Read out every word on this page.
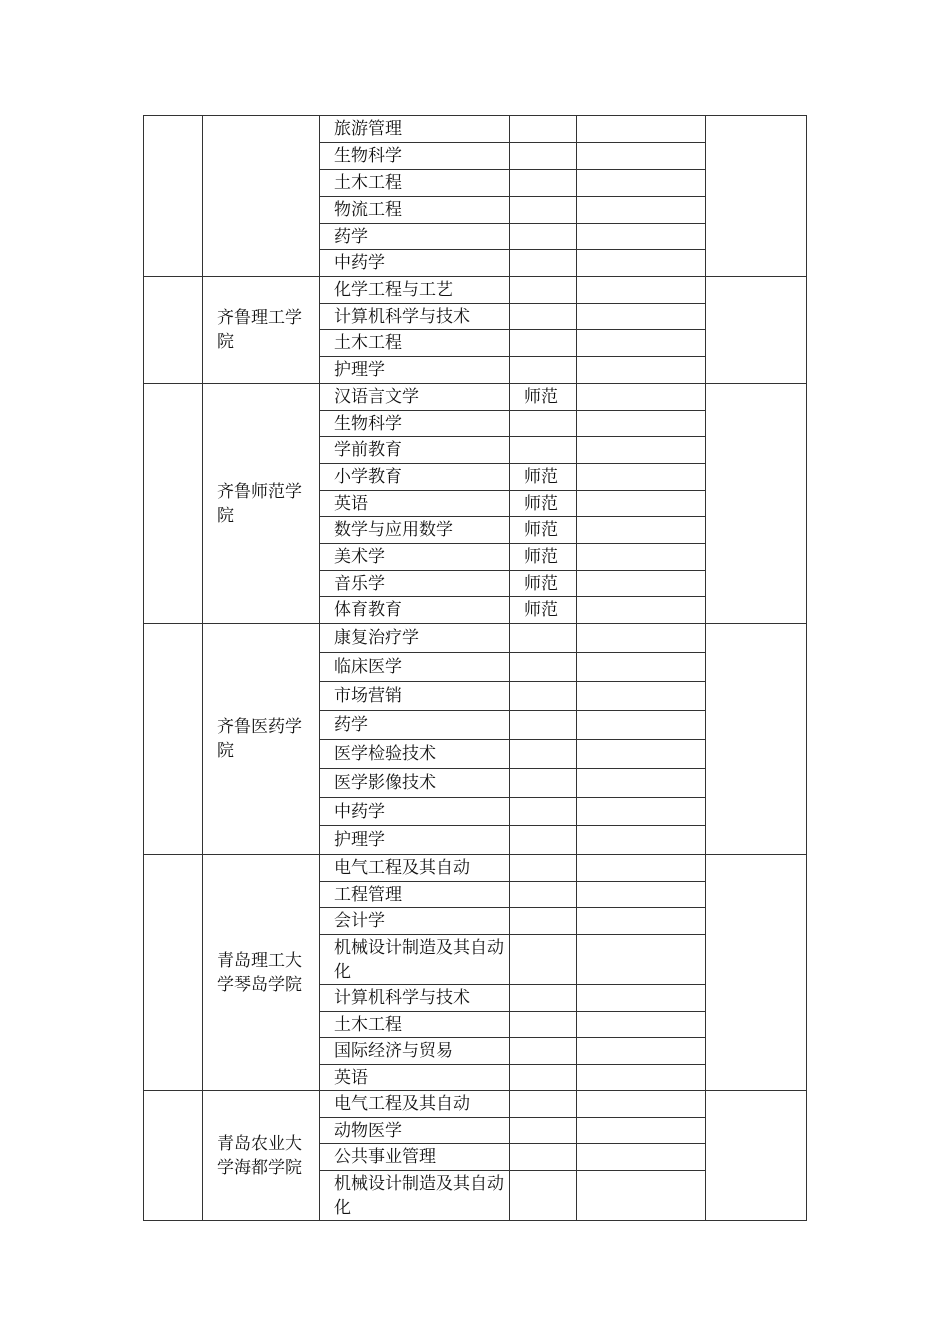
		旅游管理			
		生物科学			
		土木工程			
		物流工程			
		药学			
		中药学			
	齐鲁理工学院	化学工程与工艺			
		计算机科学与技术			
		土木工程			
		护理学			
	齐鲁师范学院	汉语言文学	师范		
		生物科学			
		学前教育			
		小学教育	师范		
		英语	师范		
		数学与应用数学	师范		
		美术学	师范		
		音乐学	师范		
		体育教育	师范		
	齐鲁医药学院	康复治疗学			
		临床医学			
		市场营销			
		药学			
		医学检验技术			
		医学影像技术			
		中药学			
		护理学			
	青岛理工大学琴岛学院	电气工程及其自动			
		工程管理			
		会计学			
		机械设计制造及其自动化			
		计算机科学与技术			
		土木工程			
		国际经济与贸易			
		英语			
	青岛农业大学海都学院	电气工程及其自动			
		动物医学			
		公共事业管理			
		机械设计制造及其自动化			
